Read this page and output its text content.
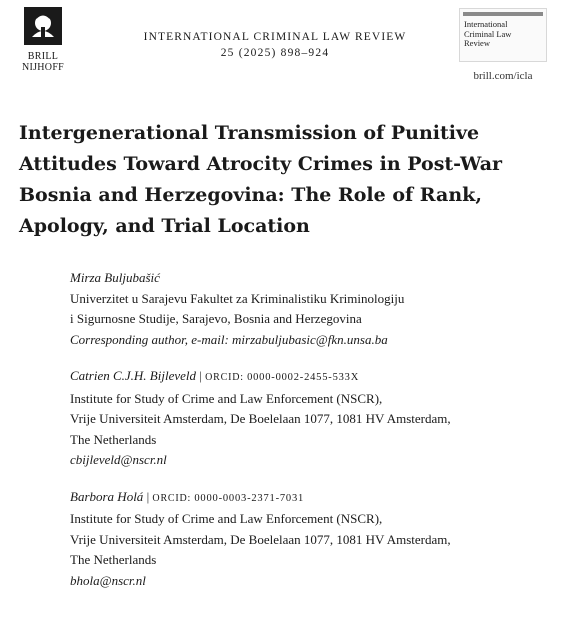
BRILL
NIJHOFF
INTERNATIONAL CRIMINAL LAW REVIEW
25 (2025) 898–924
International
Criminal Law
Review
brill.com/icla
Intergenerational Transmission of Punitive Attitudes Toward Atrocity Crimes in Post-War Bosnia and Herzegovina: The Role of Rank, Apology, and Trial Location
Mirza Buljubašić
Univerzitet u Sarajevu Fakultet za Kriminalistiku Kriminologiju
i Sigurnosne Studije, Sarajevo, Bosnia and Herzegovina
Corresponding author, e-mail: mirzabuljubasic@fkn.unsa.ba
Catrien C.J.H. Bijleveld | ORCID: 0000-0002-2455-533X
Institute for Study of Crime and Law Enforcement (NSCR),
Vrije Universiteit Amsterdam, De Boelelaan 1077, 1081 HV Amsterdam,
The Netherlands
cbijleveld@nscr.nl
Barbora Holá | ORCID: 0000-0003-2371-7031
Institute for Study of Crime and Law Enforcement (NSCR),
Vrije Universiteit Amsterdam, De Boelelaan 1077, 1081 HV Amsterdam,
The Netherlands
bhola@nscr.nl
